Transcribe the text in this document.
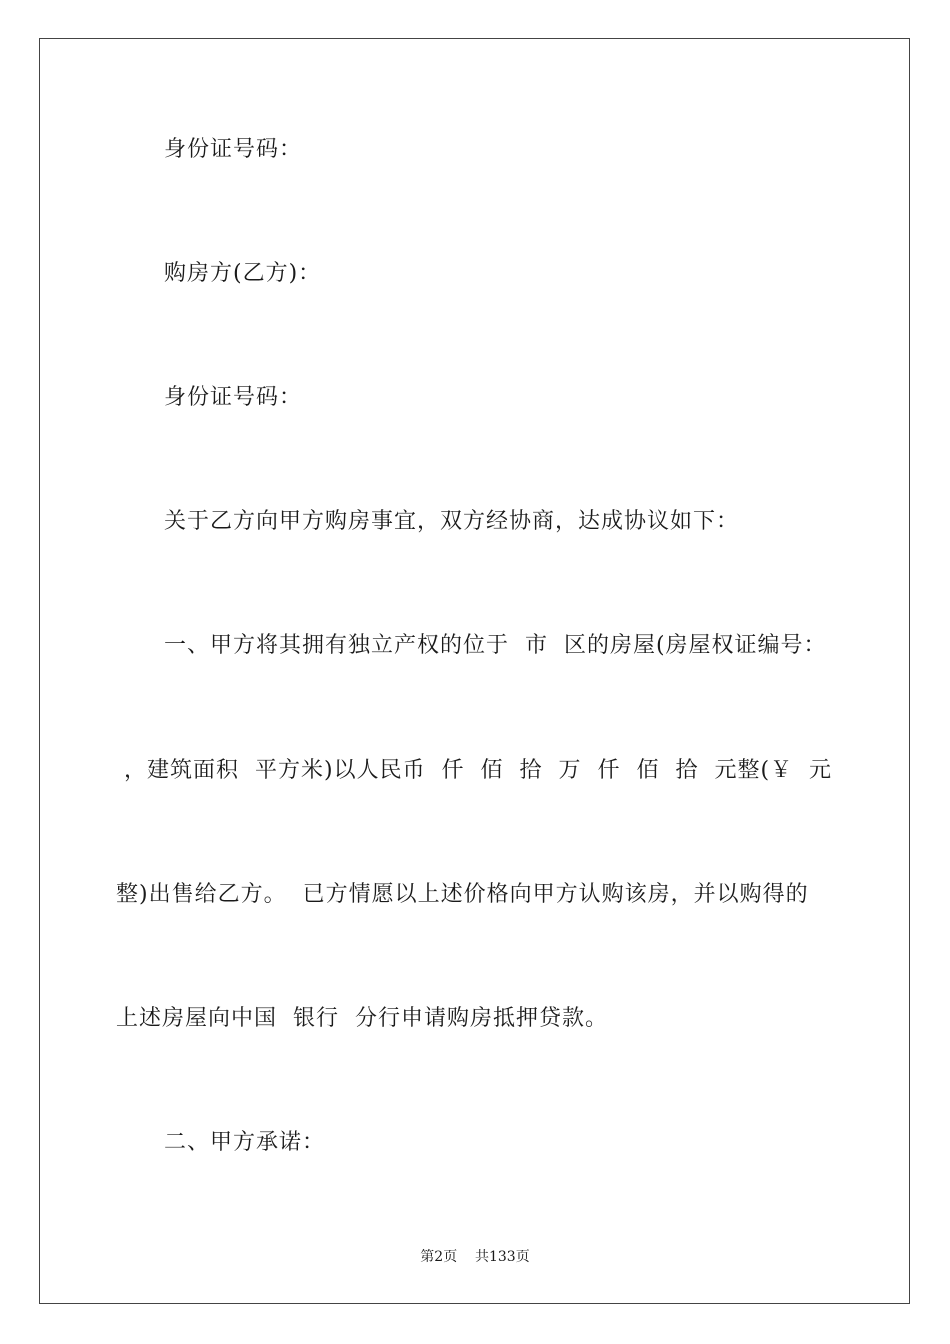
身份证号码：
购房方(乙方)：
身份证号码：
关于乙方向甲方购房事宜，双方经协商，达成协议如下：
一、甲方将其拥有独立产权的位于  市  区的房屋(房屋权证编号：
，建筑面积  平方米)以人民币  仟  佰  拾  万  仟  佰  拾  元整(￥  元
整)出售给乙方。  已方情愿以上述价格向甲方认购该房，并以购得的
上述房屋向中国  银行  分行申请购房抵押贷款。
二、甲方承诺：
第2页    共133页
